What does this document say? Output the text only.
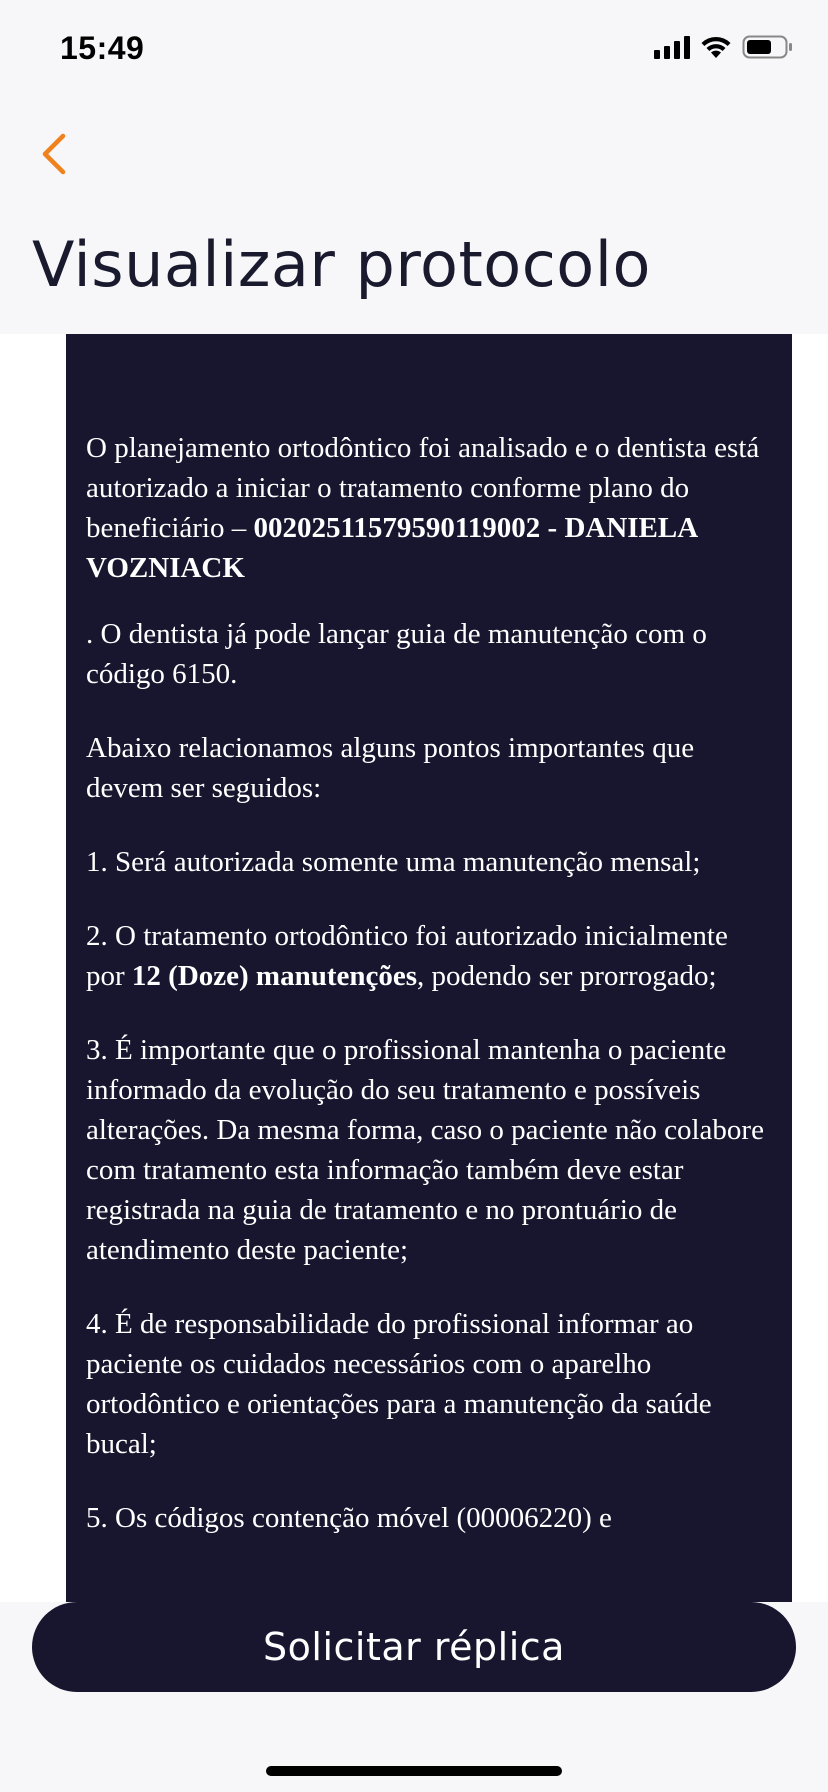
15:49
Visualizar protocolo

O planejamento ortodôntico foi analisado e o dentista está autorizado a iniciar o tratamento conforme plano do beneficiário – 00202511579590119002 - DANIELA VOZNIACK

. O dentista já pode lançar guia de manutenção com o código 6150.

Abaixo relacionamos alguns pontos importantes que devem ser seguidos:

1. Será autorizada somente uma manutenção mensal;

2. O tratamento ortodôntico foi autorizado inicialmente por 12 (Doze) manutenções, podendo ser prorrogado;

3. É importante que o profissional mantenha o paciente informado da evolução do seu tratamento e possíveis alterações. Da mesma forma, caso o paciente não colabore com tratamento esta informação também deve estar registrada na guia de tratamento e no prontuário de atendimento deste paciente;

4. É de responsabilidade do profissional informar ao paciente os cuidados necessários com o aparelho ortodôntico e orientações para a manutenção da saúde bucal;

5. Os códigos contenção móvel (00006220) e

Solicitar réplica
